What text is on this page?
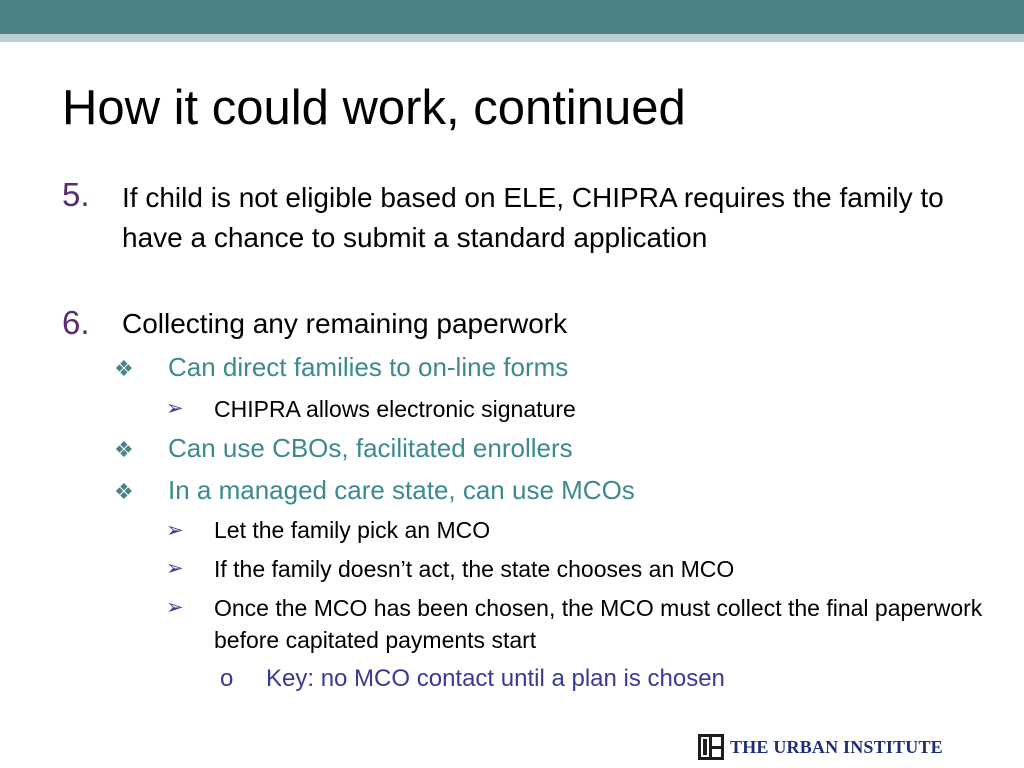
How it could work, continued
5. If child is not eligible based on ELE, CHIPRA requires the family to have a chance to submit a standard application
6. Collecting any remaining paperwork
❖ Can direct families to on-line forms
➢ CHIPRA allows electronic signature
❖ Can use CBOs, facilitated enrollers
❖ In a managed care state, can use MCOs
➢ Let the family pick an MCO
➢ If the family doesn’t act, the state chooses an MCO
➢ Once the MCO has been chosen, the MCO must collect the final paperwork before capitated payments start
o Key: no MCO contact until a plan is chosen
THE URBAN INSTITUTE
